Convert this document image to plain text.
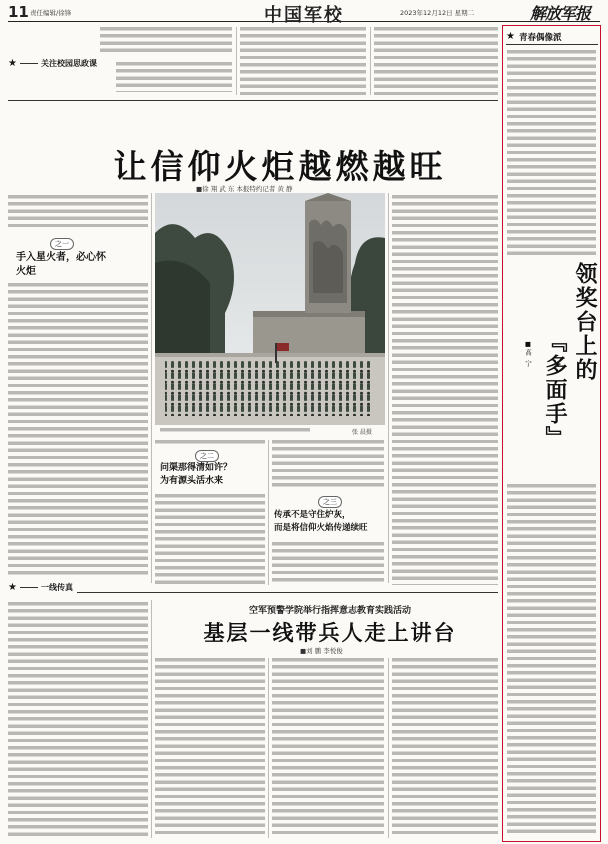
11 责任编辑/徐锋	中国军校	2023年12月12日 星期二	解放军报
★	关注校园思政课
让信仰火炬越燃越旺
■徐 翔 武 东 本报特约记者 黄 静
之一
手入星火者，必心怀
火炬
张 晨摄
之二
问渠那得清如许？
为有源头活水来
之三
传承不是守住炉灰，
而是将信仰火焰传递续旺
★	一线传真
空军预警学院举行指挥意志教育实践活动
基层一线带兵人走上讲台
■刘 鹏 李悦俊
★ 青春偶像派
领奖台上的
『多面手』
■高 宁
